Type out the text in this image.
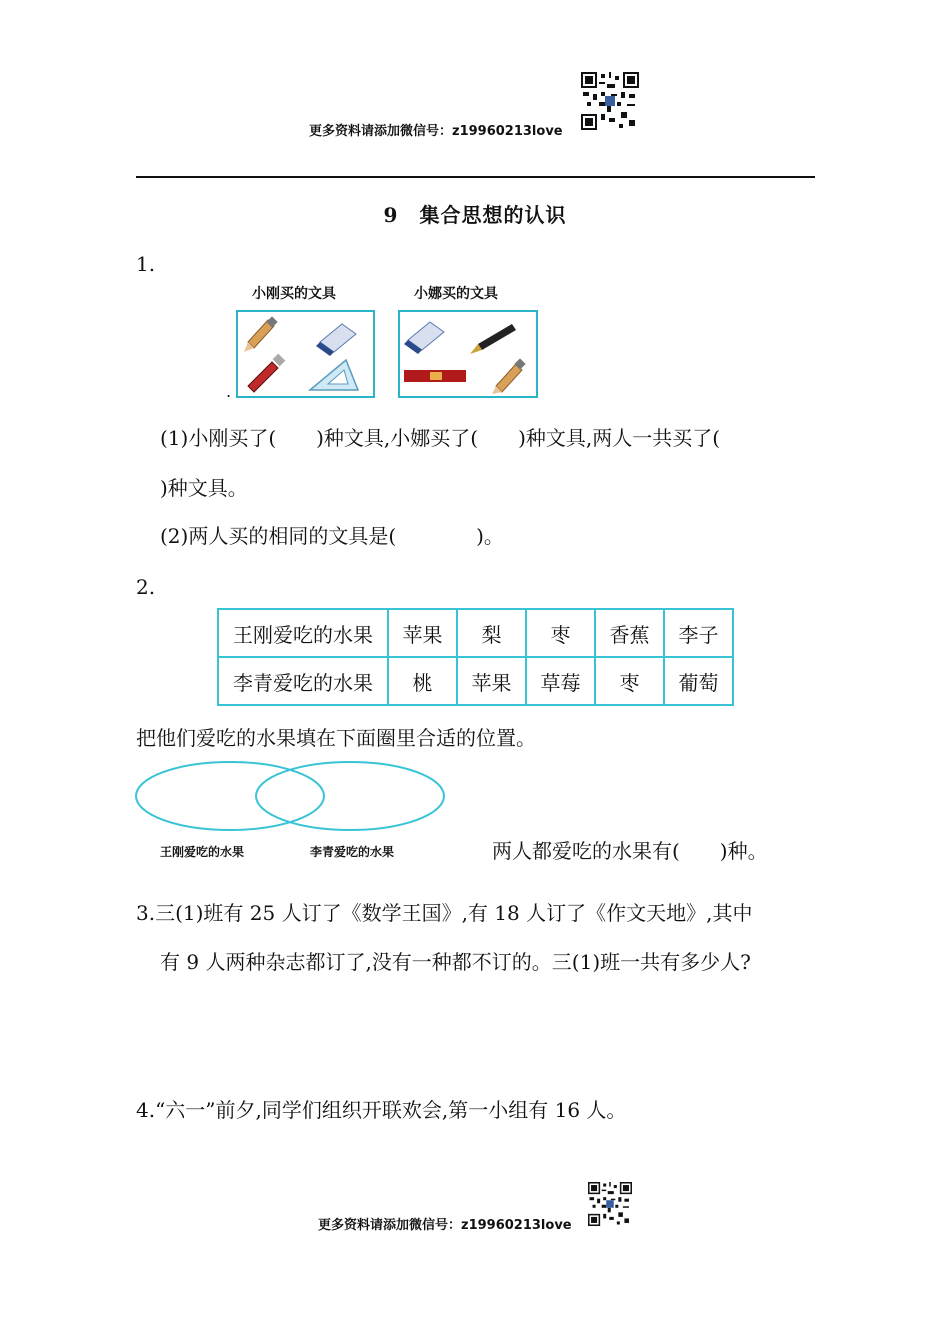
更多资料请添加微信号：z19960213love
9　集合思想的认识
1.
小刚买的文具	小娜买的文具
.
(1)小刚买了(　　)种文具,小娜买了(　　)种文具,两人一共买了(
)种文具。
(2)两人买的相同的文具是(　　　　)。
2.
王刚爱吃的水果	苹果	梨	枣	香蕉	李子
李青爱吃的水果	桃	苹果	草莓	枣	葡萄
把他们爱吃的水果填在下面圈里合适的位置。
王刚爱吃的水果	李青爱吃的水果	两人都爱吃的水果有(　　)种。
3.三(1)班有 25 人订了《数学王国》,有 18 人订了《作文天地》,其中
有 9 人两种杂志都订了,没有一种都不订的。三(1)班一共有多少人?
4.“六一”前夕,同学们组织开联欢会,第一小组有 16 人。
更多资料请添加微信号：z19960213love
